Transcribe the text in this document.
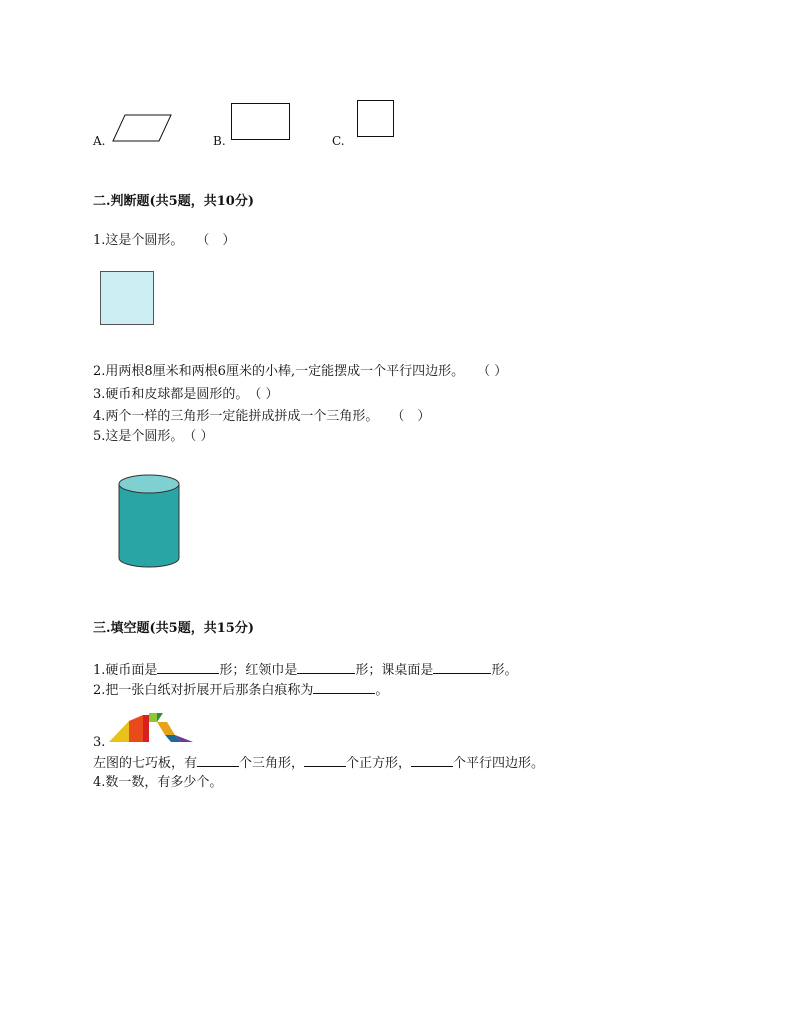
A.	B.	C.
二.判断题(共5题，共10分)
1.这是个圆形。　　（　）
2.用两根8厘米和两根6厘米的小棒,一定能摆成一个平行四边形。　　（ ）
3.硬币和皮球都是圆形的。　（ ）
4.两个一样的三角形一定能拼成拼成一个三角形。　　（　）
5.这是个圆形。　（ ）
三.填空题(共5题，共15分)
1.硬币面是	形；红领巾是	形；课桌面是	形。
2.把一张白纸对折展开后那条白痕称为	。
3.
左图的七巧板，有	个三角形，	个正方形，	个平行四边形。
4.数一数，有多少个。
